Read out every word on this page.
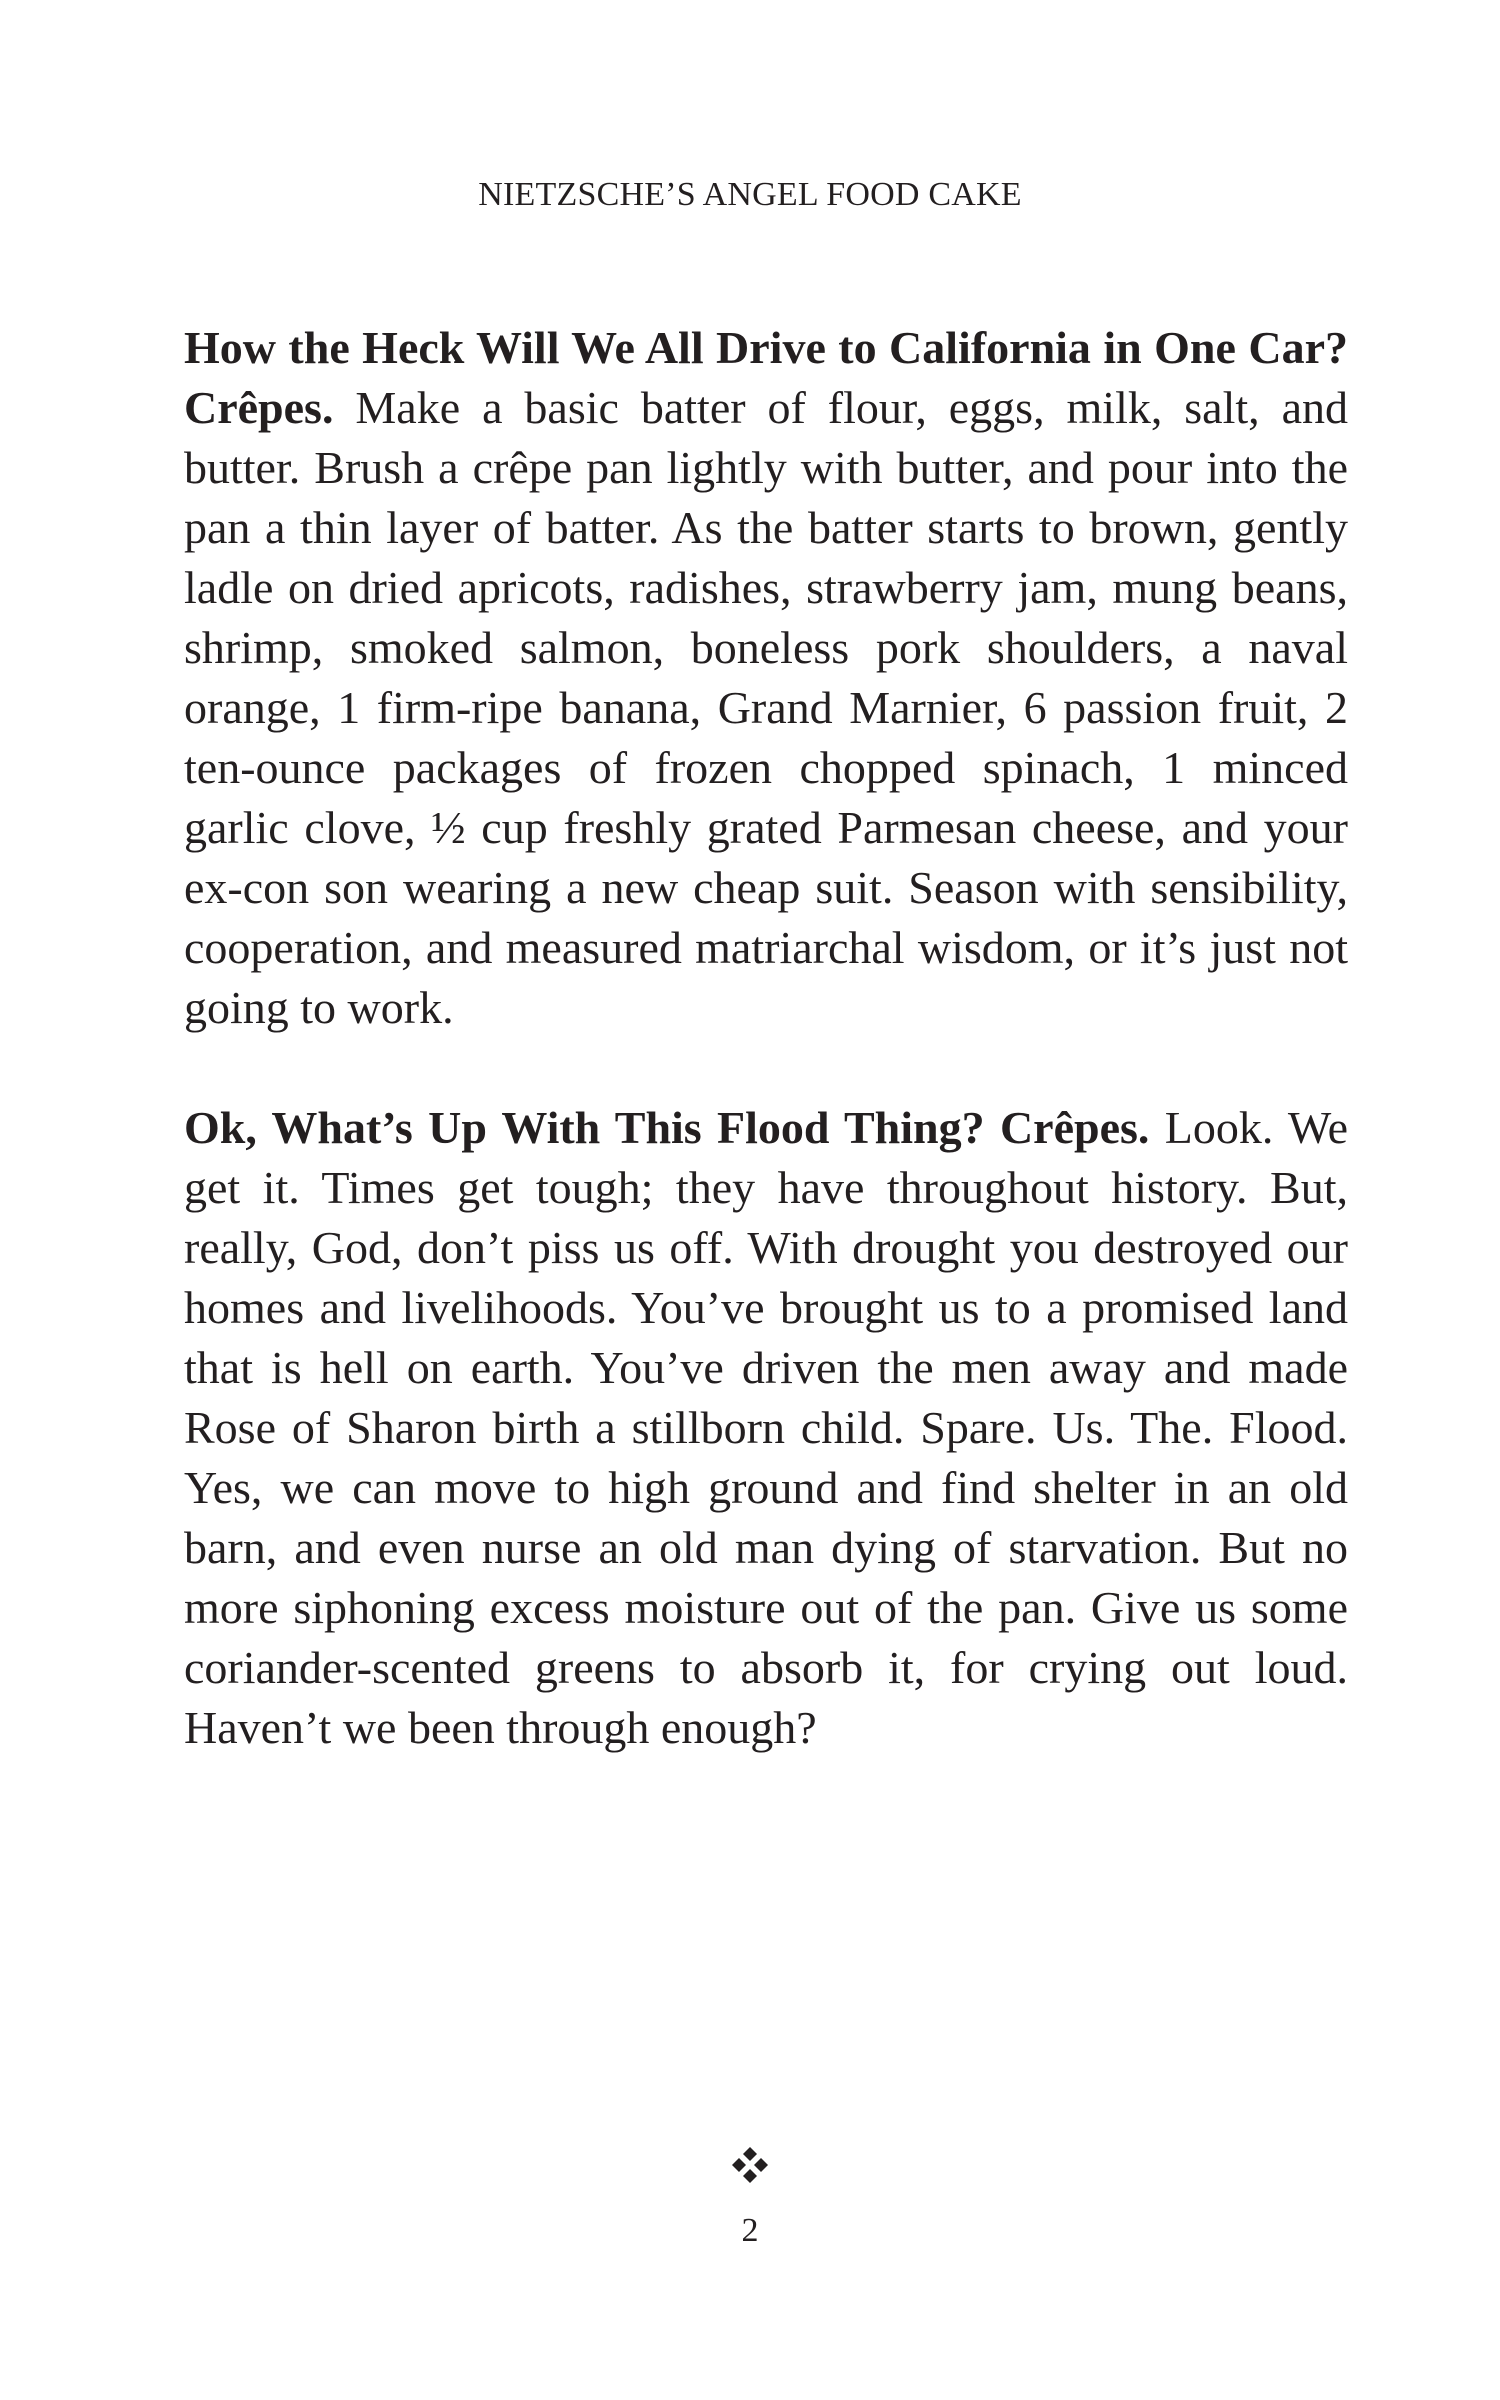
NIETZSCHE’S ANGEL FOOD CAKE

How the Heck Will We All Drive to California in One Car? Crêpes. Make a basic batter of flour, eggs, milk, salt, and butter. Brush a crêpe pan lightly with butter, and pour into the pan a thin layer of batter. As the batter starts to brown, gently ladle on dried apricots, radishes, strawberry jam, mung beans, shrimp, smoked salmon, boneless pork shoulders, a naval orange, 1 firm-ripe banana, Grand Marnier, 6 passion fruit, 2 ten-ounce packages of frozen chopped spinach, 1 minced garlic clove, ½ cup freshly grated Parmesan cheese, and your ex-con son wearing a new cheap suit. Season with sensibility, cooperation, and measured matriarchal wisdom, or it’s just not going to work.

Ok, What’s Up With This Flood Thing? Crêpes. Look. We get it. Times get tough; they have throughout history. But, really, God, don’t piss us off. With drought you destroyed our homes and livelihoods. You’ve brought us to a promised land that is hell on earth. You’ve driven the men away and made Rose of Sharon birth a stillborn child. Spare. Us. The. Flood. Yes, we can move to high ground and find shelter in an old barn, and even nurse an old man dying of starvation. But no more siphoning excess moisture out of the pan. Give us some coriander-scented greens to absorb it, for crying out loud. Haven’t we been through enough?

2
